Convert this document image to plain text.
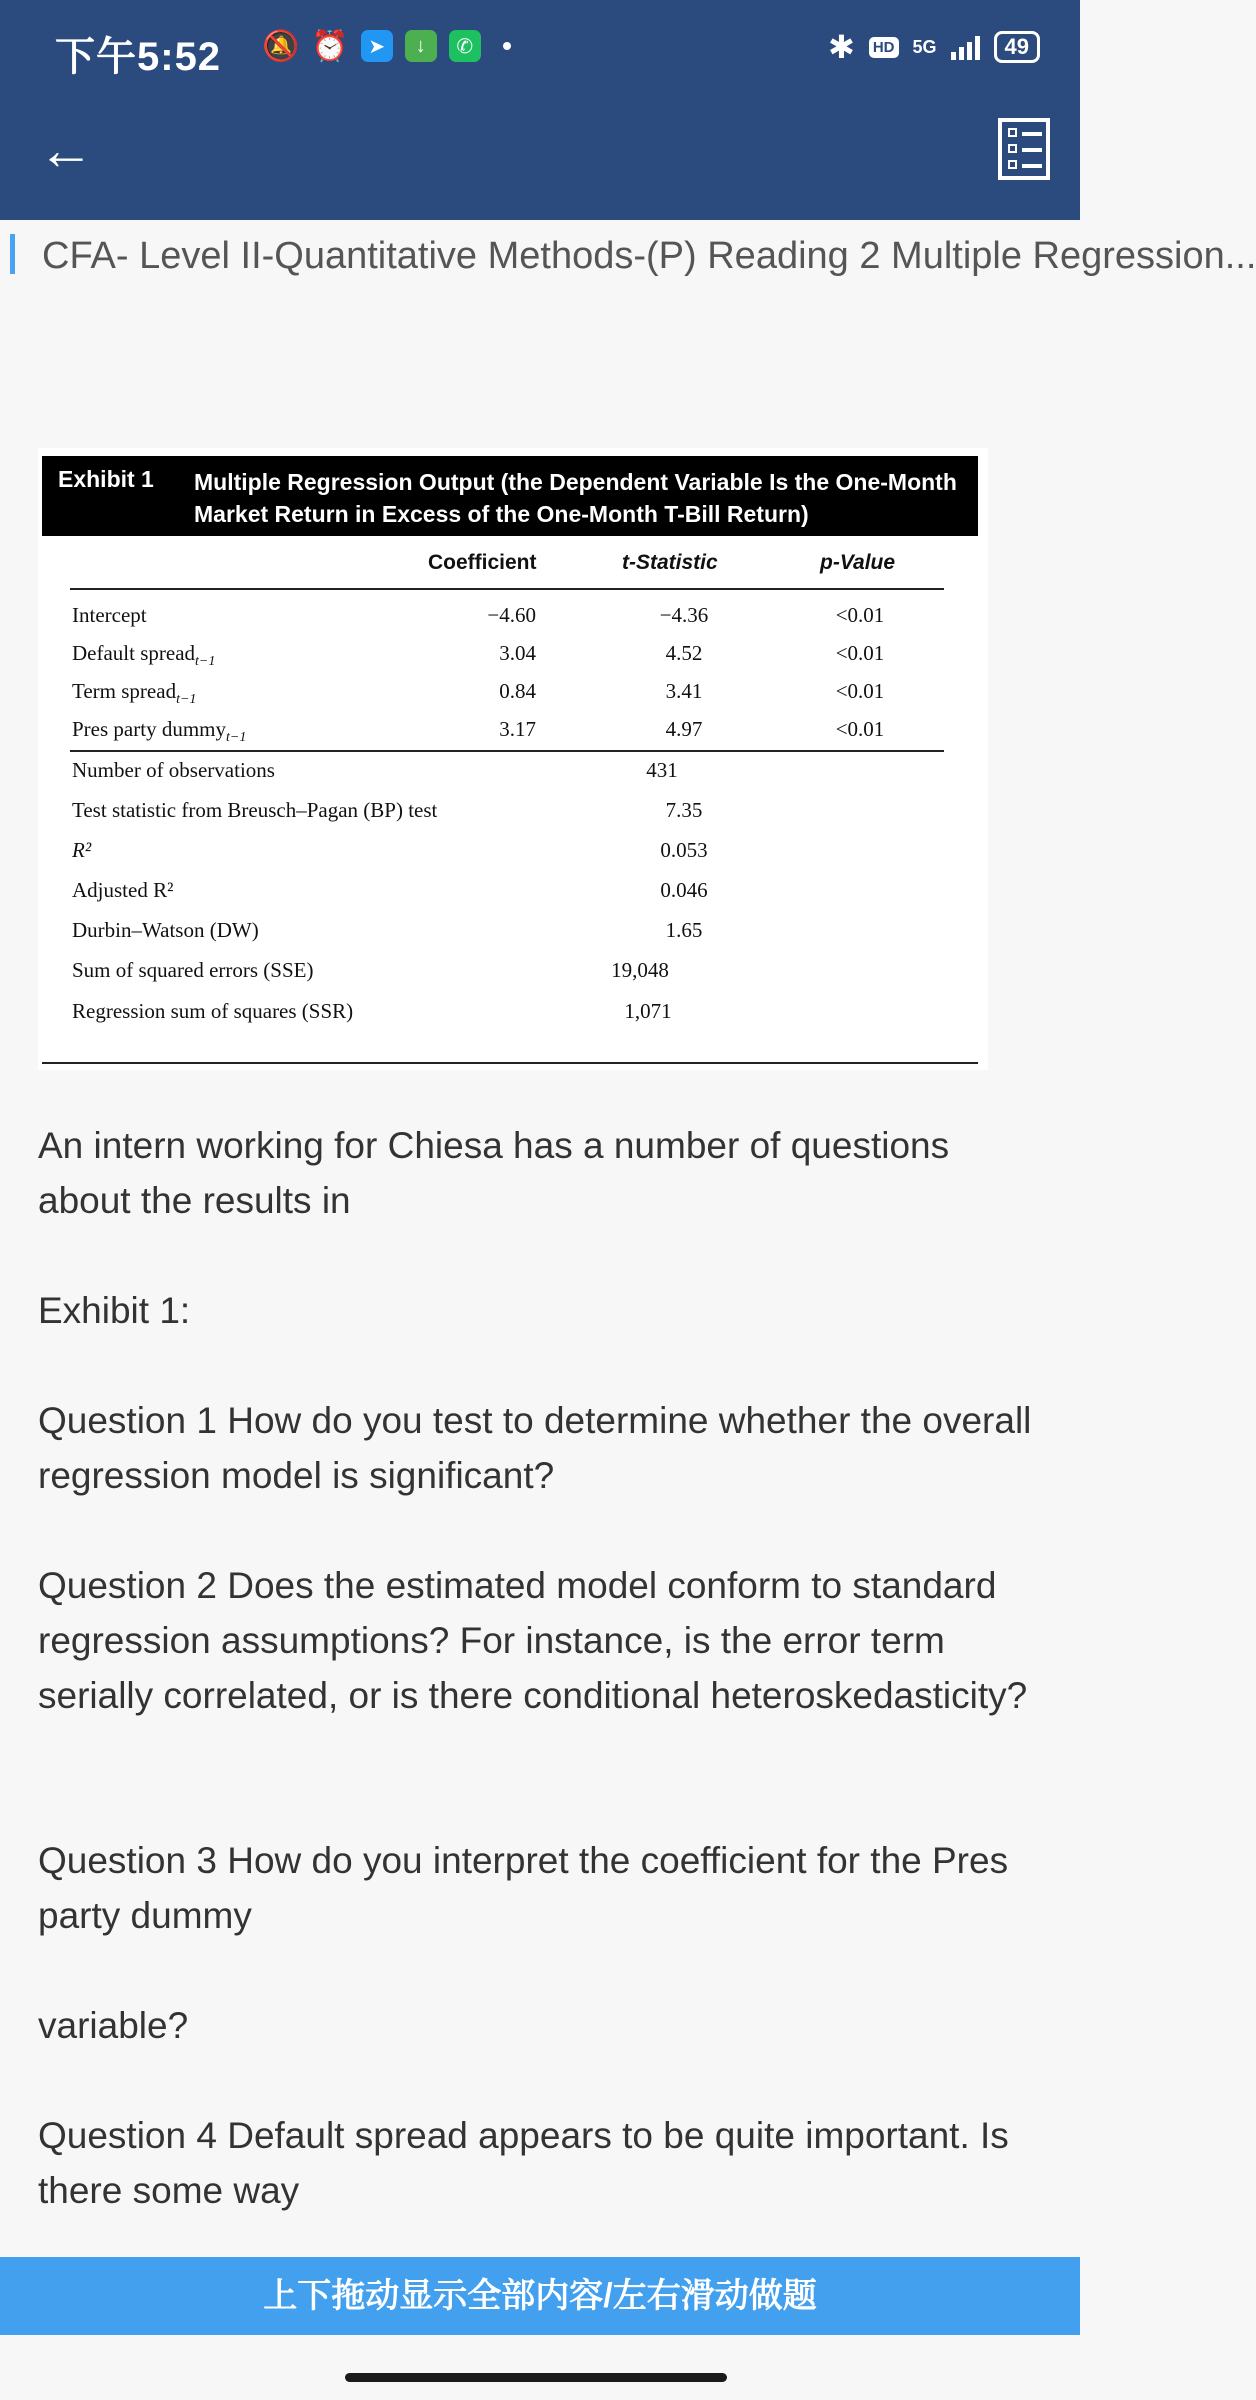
下午5:52 🔕 ⏰ ➤	↓	✆	✱ HD 5G	49
←
CFA- Level II-Quantitative Methods-(P) Reading 2 Multiple Regression...
Exhibit 1 Multiple Regression Output (the Dependent Variable Is the One-Month Market Return in Excess of the One-Month T-Bill Return)
Coefficient	t-Statistic	p-Value
Intercept	−4.60	−4.36	<0.01
Default spread$_{t-1}$	3.04	4.52	<0.01
Term spread$_{t-1}$	0.84	3.41	<0.01
Pres party dummy$_{t-1}$	3.17	4.97	<0.01
Number of observations	431
Test statistic from Breusch–Pagan (BP) test	7.35
R²	0.053
Adjusted R²	0.046
Durbin–Watson (DW)	1.65
Sum of squared errors (SSE)	19,048
Regression sum of squares (SSR)	1,071

An intern working for Chiesa has a number of questions about the results in

Exhibit 1:

Question 1 How do you test to determine whether the overall regression model is significant?

Question 2 Does the estimated model conform to standard regression assumptions? For instance, is the error term serially correlated, or is there conditional heteroskedasticity?

Question 3 How do you interpret the coefficient for the Pres party dummy

variable?

Question 4 Default spread appears to be quite important. Is there some way

上下拖动显示全部内容/左右滑动做题
